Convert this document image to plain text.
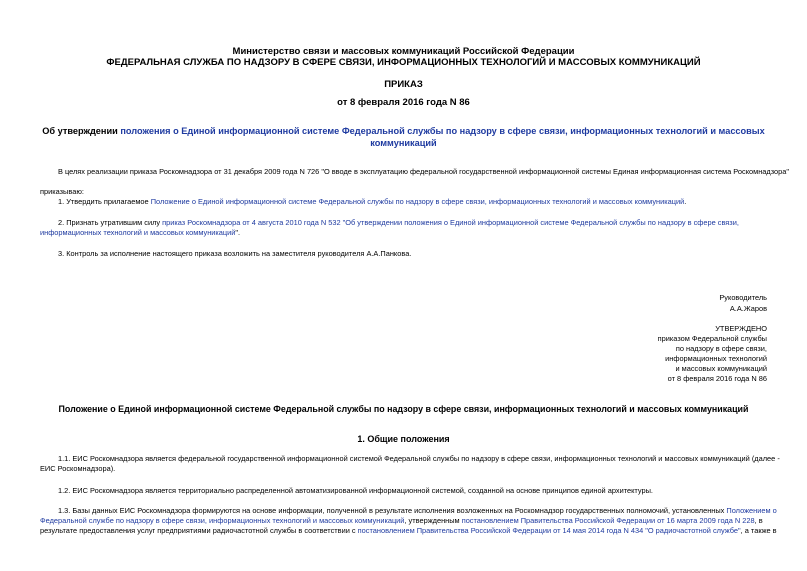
Министерство связи и массовых коммуникаций Российской Федерации
ФЕДЕРАЛЬНАЯ СЛУЖБА ПО НАДЗОРУ В СФЕРЕ СВЯЗИ, ИНФОРМАЦИОННЫХ ТЕХНОЛОГИЙ И МАССОВЫХ КОММУНИКАЦИЙ
ПРИКАЗ
от 8 февраля 2016 года N 86
Об утверждении положения о Единой информационной системе Федеральной службы по надзору в сфере связи, информационных технологий и массовых
коммуникаций
В целях реализации приказа Роскомнадзора от 31 декабря 2009 года N 726 "О вводе в эксплуатацию федеральной государственной информационной системы Единая информационная система Роскомнадзора"
приказываю:
1. Утвердить прилагаемое Положение о Единой информационной системе Федеральной службы по надзору в сфере связи, информационных технологий и массовых коммуникаций.
2. Признать утратившим силу приказ Роскомнадзора от 4 августа 2010 года N 532 "Об утверждении положения о Единой информационной системе Федеральной службы по надзору в сфере связи,
информационных технологий и массовых коммуникаций".
3. Контроль за исполнение настоящего приказа возложить на заместителя руководителя А.А.Панкова.
Руководитель
А.А.Жаров
УТВЕРЖДЕНО
приказом Федеральной службы
по надзору в сфере связи,
информационных технологий
и массовых коммуникаций
от 8 февраля 2016 года N 86
Положение о Единой информационной системе Федеральной службы по надзору в сфере связи, информационных технологий и массовых коммуникаций
1. Общие положения
1.1. ЕИС Роскомнадзора является федеральной государственной информационной системой Федеральной службы по надзору в сфере связи, информационных технологий и массовых коммуникаций (далее -
ЕИС Роскомнадзора).
1.2. ЕИС Роскомнадзора является территориально распределенной автоматизированной информационной системой, созданной на основе принципов единой архитектуры.
1.3. Базы данных ЕИС Роскомнадзора формируются на основе информации, полученной в результате исполнения возложенных на Роскомнадзор государственных полномочий, установленных Положением о
Федеральной службе по надзору в сфере связи, информационных технологий и массовых коммуникаций, утвержденным постановлением Правительства Российской Федерации от 16 марта 2009 года N 228, в
результате предоставления услуг предприятиями радиочастотной службы в соответствии с постановлением Правительства Российской Федерации от 14 мая 2014 года N 434 "О радиочастотной службе", а также в
